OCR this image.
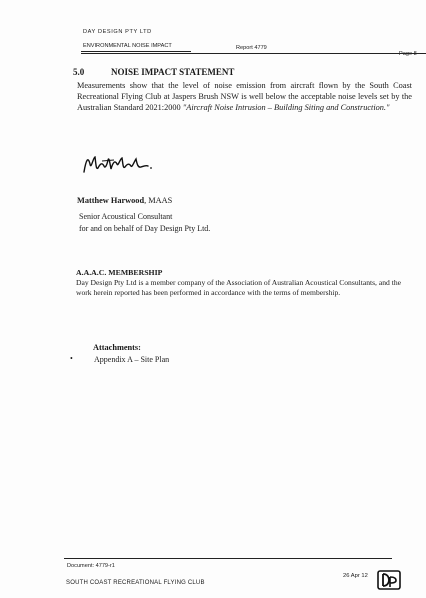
DAY DESIGN PTY LTD
ENVIRONMENTAL NOISE IMPACT	Report 4779
Page 8
5.0	NOISE IMPACT STATEMENT
Measurements show that the level of noise emission from aircraft flown by the South Coast Recreational Flying Club at Jaspers Brush NSW is well below the acceptable noise levels set by the Australian Standard 2021:2000 "Aircraft Noise Intrusion – Building Siting and Construction."
Matthew Harwood, MAAS
Senior Acoustical Consultant
for and on behalf of Day Design Pty Ltd.
A.A.A.C. MEMBERSHIP
Day Design Pty Ltd is a member company of the Association of Australian Acoustical Consultants, and the work herein reported has been performed in accordance with the terms of membership.
Attachments:
•	Appendix A – Site Plan
Document: 4779-r1
SOUTH COAST RECREATIONAL FLYING CLUB
26 Apr 12
